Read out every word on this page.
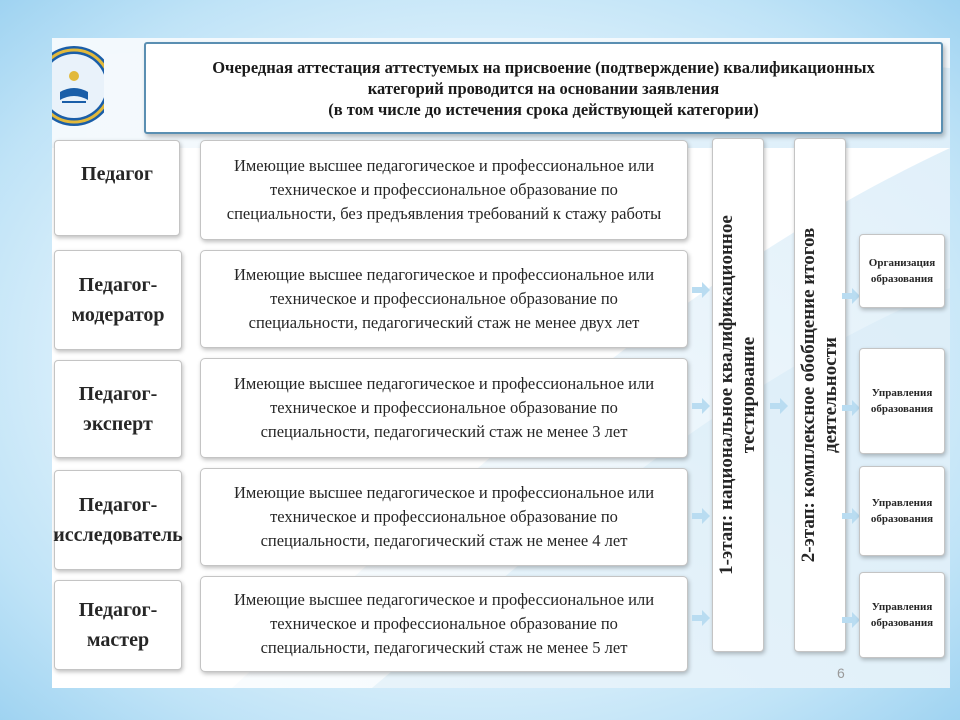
Очередная аттестация аттестуемых на присвоение (подтверждение) квалификационных
категорий проводится на основании заявления
(в том числе до истечения срока действующей категории)
Педагог
Педагог-
модератор
Педагог-
эксперт
Педагог-
исследователь
Педагог-
мастер
Имеющие высшее педагогическое и профессиональное или
техническое и профессиональное образование по
специальности, без предъявления требований к стажу работы
Имеющие высшее педагогическое и профессиональное или
техническое и профессиональное образование по
специальности, педагогический стаж не менее двух лет
Имеющие высшее педагогическое и профессиональное или
техническое и профессиональное образование по
специальности, педагогический стаж не менее 3 лет
Имеющие высшее педагогическое и профессиональное или
техническое и профессиональное образование по
специальности, педагогический стаж не менее 4 лет
Имеющие высшее педагогическое и профессиональное или
техническое и профессиональное образование по
специальности, педагогический стаж не менее 5 лет
1-этап: национальное квалификационное тестирование 2-этап: комплексное обобщение итогов деятельности
Организация
образования
Управления
образования
Управления
образования
Управления
образования
6
